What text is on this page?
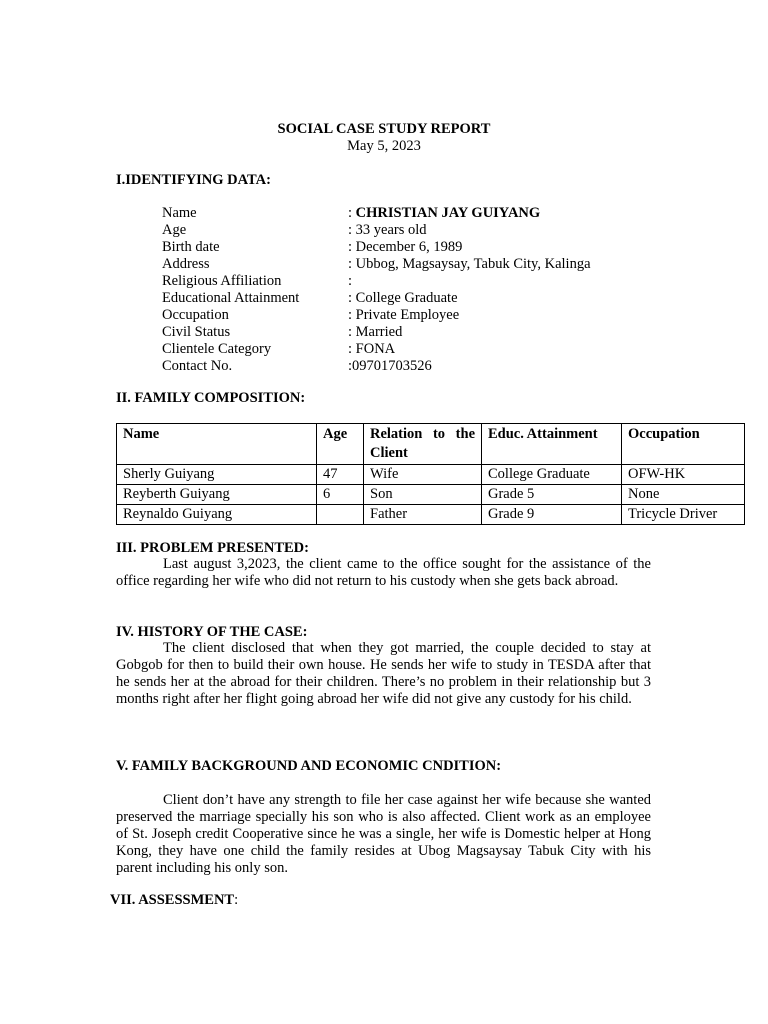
SOCIAL CASE STUDY REPORT
May 5, 2023
I.IDENTIFYING DATA:
Name	: CHRISTIAN JAY GUIYANG
Age	: 33 years old
Birth date	: December 6, 1989
Address	: Ubbog, Magsaysay, Tabuk City, Kalinga
Religious Affiliation	:
Educational Attainment	: College Graduate
Occupation	: Private Employee
Civil Status	: Married
Clientele Category	: FONA
Contact No.	:09701703526
II. FAMILY COMPOSITION:
Name	Age	Relation to the Client	Educ. Attainment	Occupation
Sherly Guiyang	47	Wife	College Graduate	OFW-HK
Reyberth Guiyang	6	Son	Grade 5	None
Reynaldo Guiyang		Father	Grade 9	Tricycle Driver
III. PROBLEM PRESENTED:
Last august 3,2023, the client came to the office sought for the assistance of the office regarding her wife who did not return to his custody when she gets back abroad.
IV. HISTORY OF THE CASE:
The client disclosed that when they got married, the couple decided to stay at Gobgob for then to build their own house. He sends her wife to study in TESDA after that he sends her at the abroad for their children. There’s no problem in their relationship but 3 months right after her flight going abroad her wife did not give any custody for his child.
V. FAMILY BACKGROUND AND ECONOMIC CNDITION:
Client don’t have any strength to file her case against her wife because she wanted preserved the marriage specially his son who is also affected. Client work as an employee of St. Joseph credit Cooperative since he was a single, her wife is Domestic helper at Hong Kong, they have one child the family resides at Ubog Magsaysay Tabuk City with his parent including his only son.
VII. ASSESSMENT:
